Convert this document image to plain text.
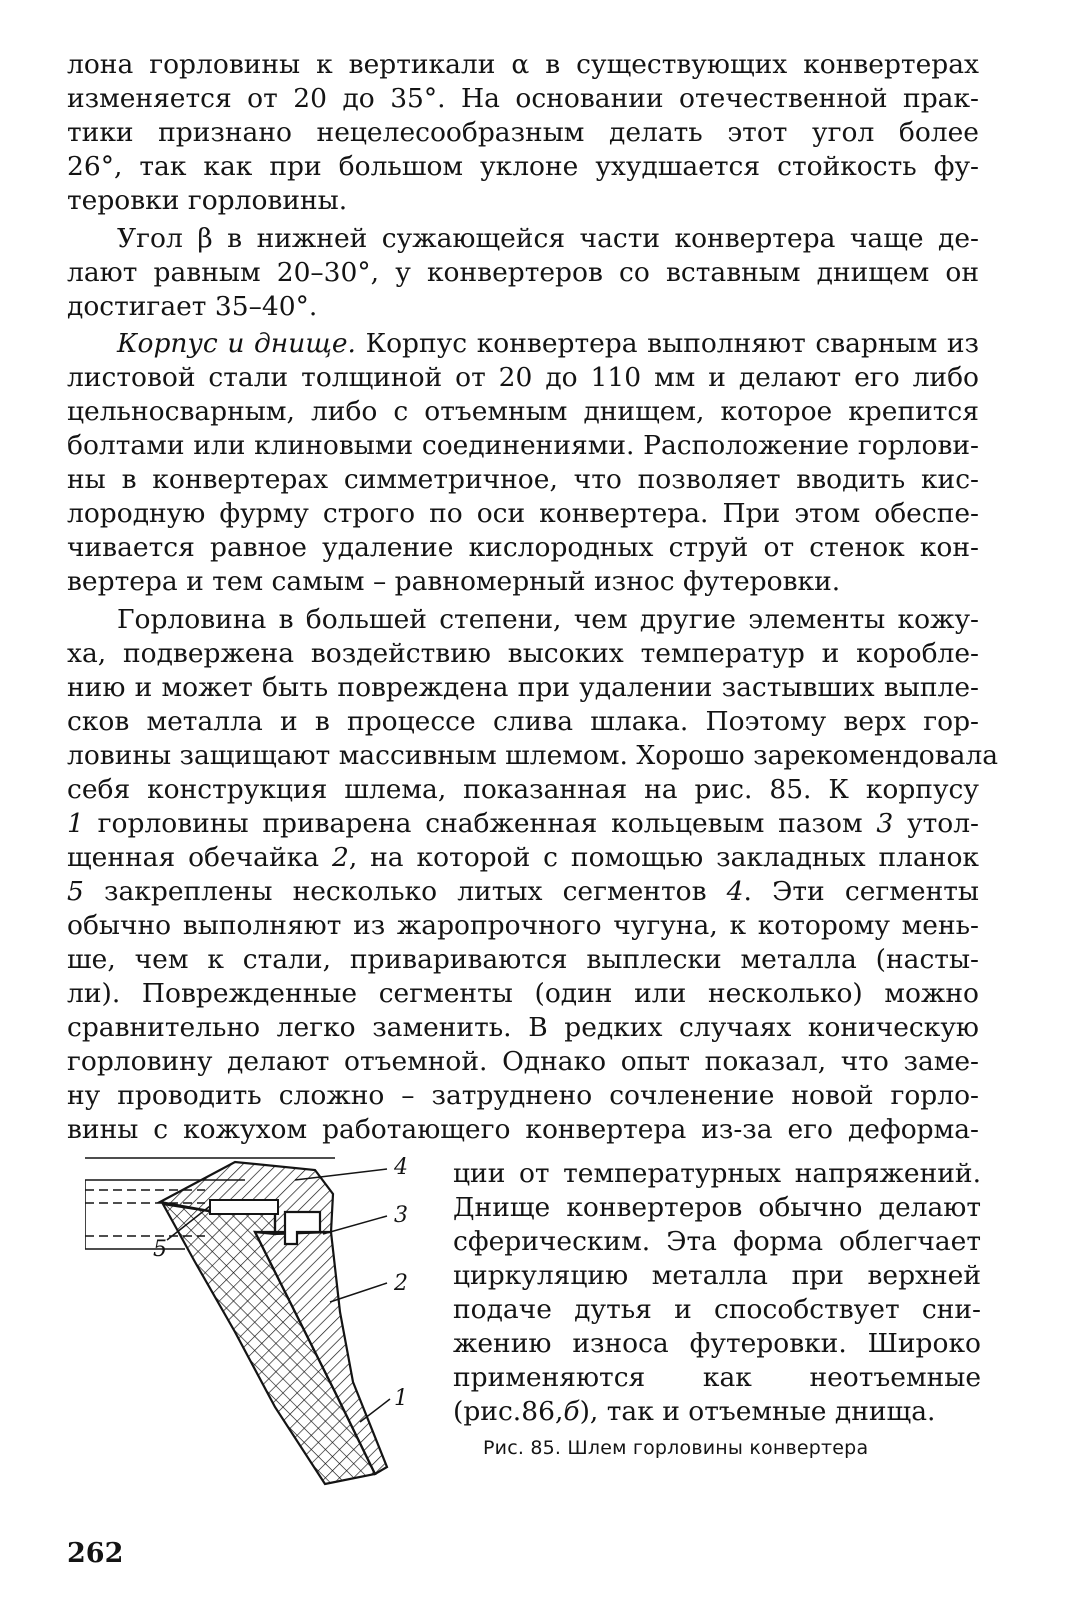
лона горловины к вертикали α в существующих конвертерах
изменяется от 20 до 35°. На основании отечественной прак-
тики признано нецелесообразным делать этот угол более
26°, так как при большом уклоне ухудшается стойкость фу-
теровки горловины.
Угол β в нижней сужающейся части конвертера чаще де-
лают равным 20–30°, у конвертеров со вставным днищем он
достигает 35–40°.
Корпус и днище. Корпус конвертера выполняют сварным из
листовой стали толщиной от 20 до 110 мм и делают его либо
цельносварным, либо с отъемным днищем, которое крепится
болтами или клиновыми соединениями. Расположение горлови-
ны в конвертерах симметричное, что позволяет вводить кис-
лородную фурму строго по оси конвертера. При этом обеспе-
чивается равное удаление кислородных струй от стенок кон-
вертера и тем самым – равномерный износ футеровки.
Горловина в большей степени, чем другие элементы кожу-
ха, подвержена воздействию высоких температур и коробле-
нию и может быть повреждена при удалении застывших выпле-
сков металла и в процессе слива шлака. Поэтому верх гор-
ловины защищают массивным шлемом. Хорошо зарекомендовала
себя конструкция шлема, показанная на рис. 85. К корпусу
1 горловины приварена снабженная кольцевым пазом 3 утол-
щенная обечайка 2, на которой с помощью закладных планок
5 закреплены несколько литых сегментов 4. Эти сегменты
обычно выполняют из жаропрочного чугуна, к которому мень-
ше, чем к стали, привариваются выплески металла (насты-
ли). Поврежденные сегменты (один или несколько) можно
сравнительно легко заменить. В редких случаях коническую
горловину делают отъемной. Однако опыт показал, что заме-
ну проводить сложно – затруднено сочленение новой горло-
вины с кожухом работающего конвертера из-за его деформа-
ции от температурных напряжений.
Днище конвертеров обычно делают
сферическим. Эта форма облегчает
циркуляцию металла при верхней
подаче дутья и способствует сни-
жению износа футеровки. Широко
применяются как неотъемные
(рис.86,б), так и отъемные днища.
4
3
2
5
1
Рис. 85. Шлем горловины конвертера
262
